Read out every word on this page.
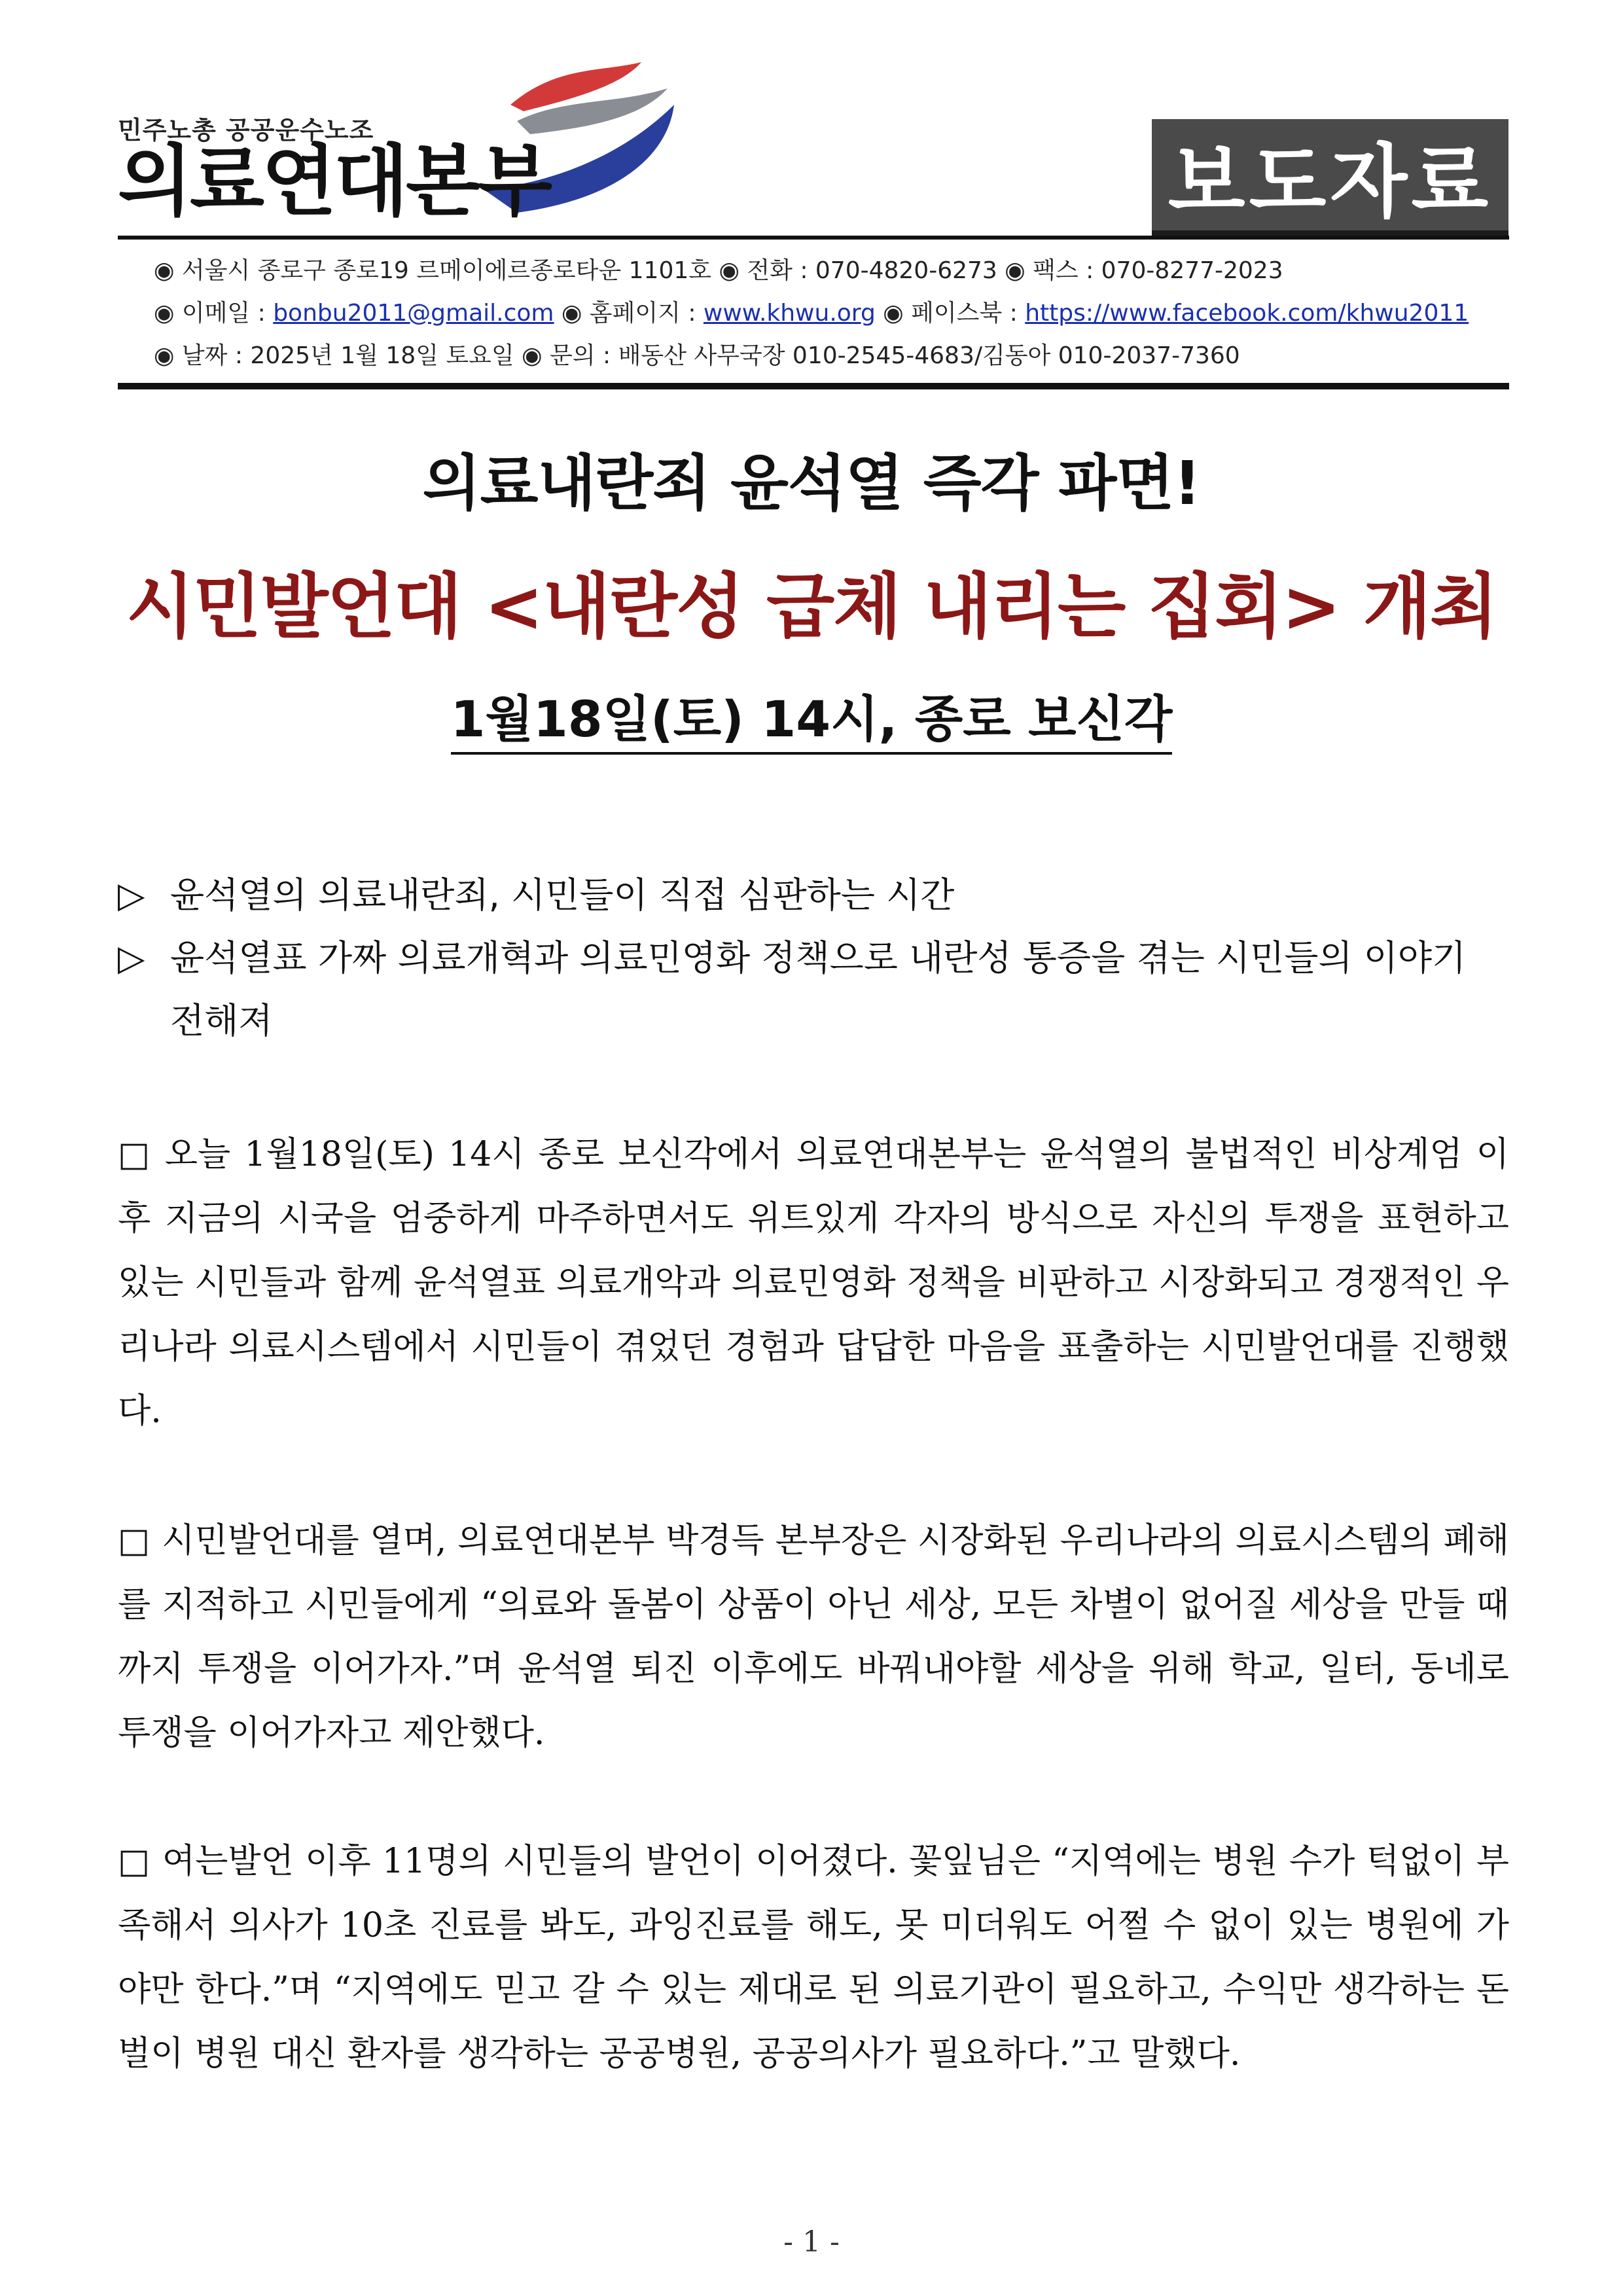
민주노총 공공운수노조
의료연대본부	보도자료
◉ 서울시 종로구 종로19 르메이에르종로타운 1101호 ◉ 전화 : 070-4820-6273 ◉ 팩스 : 070-8277-2023
◉ 이메일 : bonbu2011@gmail.com ◉ 홈페이지 : www.khwu.org ◉ 페이스북 : https://www.facebook.com/khwu2011
◉ 날짜 : 2025년 1월 18일 토요일 ◉ 문의 : 배동산 사무국장 010-2545-4683/김동아 010-2037-7360
의료내란죄 윤석열 즉각 파면!
시민발언대 <내란성 급체 내리는 집회> 개최
1월18일(토) 14시, 종로 보신각
▷ 윤석열의 의료내란죄, 시민들이 직접 심판하는 시간
▷ 윤석열표 가짜 의료개혁과 의료민영화 정책으로 내란성 통증을 겪는 시민들의 이야기 전해져
□ 오늘 1월18일(토) 14시 종로 보신각에서 의료연대본부는 윤석열의 불법적인 비상계엄 이후 지금의 시국을 엄중하게 마주하면서도 위트있게 각자의 방식으로 자신의 투쟁을 표현하고 있는 시민들과 함께 윤석열표 의료개악과 의료민영화 정책을 비판하고 시장화되고 경쟁적인 우리나라 의료시스템에서 시민들이 겪었던 경험과 답답한 마음을 표출하는 시민발언대를 진행했다.
□ 시민발언대를 열며, 의료연대본부 박경득 본부장은 시장화된 우리나라의 의료시스템의 폐해를 지적하고 시민들에게 “의료와 돌봄이 상품이 아닌 세상, 모든 차별이 없어질 세상을 만들 때까지 투쟁을 이어가자.”며 윤석열 퇴진 이후에도 바꿔내야할 세상을 위해 학교, 일터, 동네로 투쟁을 이어가자고 제안했다.
□ 여는발언 이후 11명의 시민들의 발언이 이어졌다. 꽃잎님은 “지역에는 병원 수가 턱없이 부족해서 의사가 10초 진료를 봐도, 과잉진료를 해도, 못 미더워도 어쩔 수 없이 있는 병원에 가야만 한다.”며 “지역에도 믿고 갈 수 있는 제대로 된 의료기관이 필요하고, 수익만 생각하는 돈벌이 병원 대신 환자를 생각하는 공공병원, 공공의사가 필요하다.”고 말했다.
- 1 -
